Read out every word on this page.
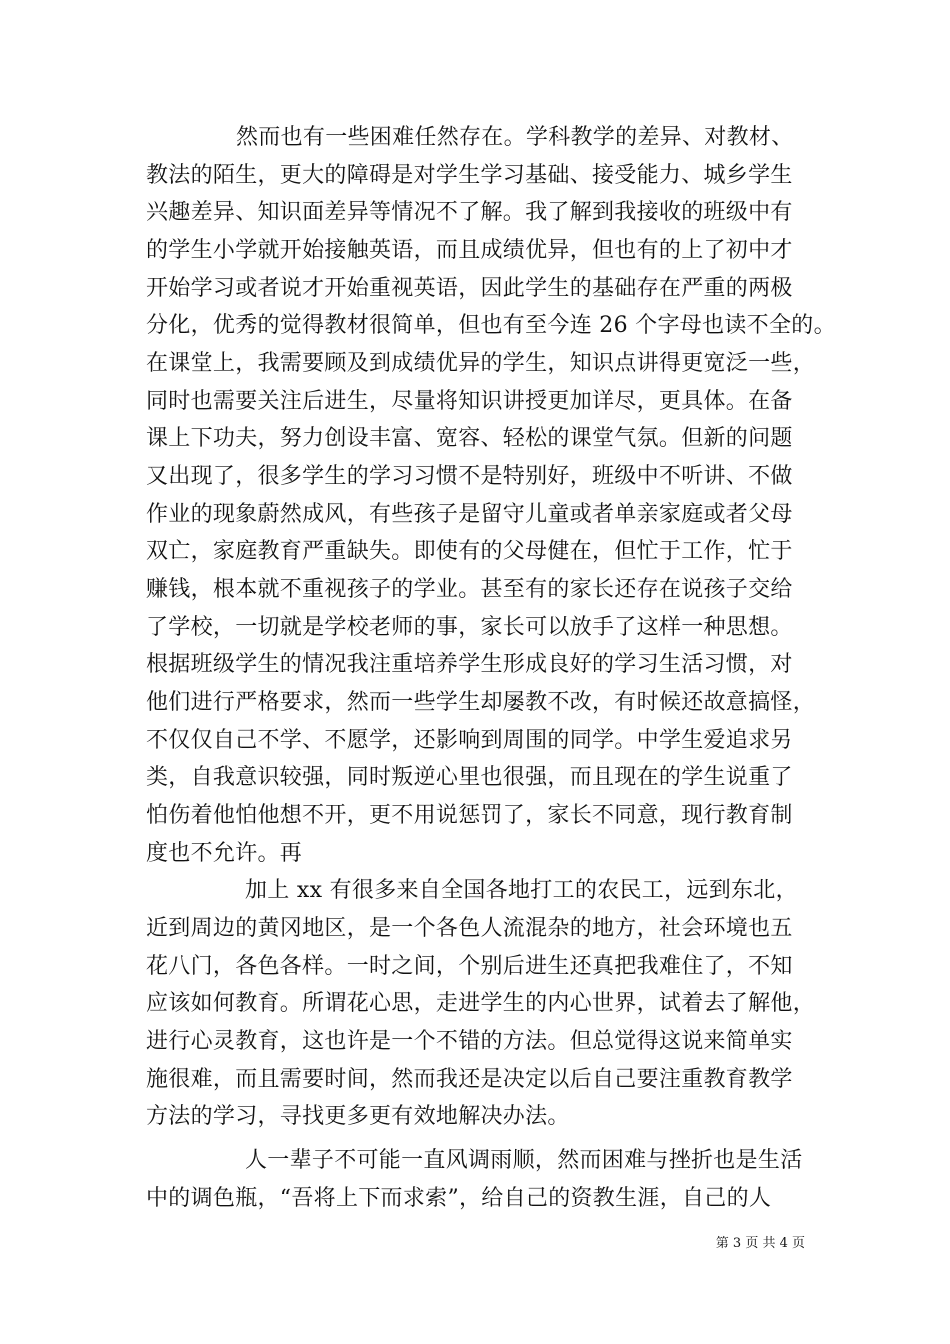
然而也有一些困难任然存在。学科教学的差异、对教材、
教法的陌生，更大的障碍是对学生学习基础、接受能力、城乡学生
兴趣差异、知识面差异等情况不了解。我了解到我接收的班级中有
的学生小学就开始接触英语，而且成绩优异，但也有的上了初中才
开始学习或者说才开始重视英语，因此学生的基础存在严重的两极
分化，优秀的觉得教材很简单，但也有至今连 26 个字母也读不全的。
在课堂上，我需要顾及到成绩优异的学生，知识点讲得更宽泛一些，
同时也需要关注后进生，尽量将知识讲授更加详尽，更具体。在备
课上下功夫，努力创设丰富、宽容、轻松的课堂气氛。但新的问题
又出现了，很多学生的学习习惯不是特别好，班级中不听讲、不做
作业的现象蔚然成风，有些孩子是留守儿童或者单亲家庭或者父母
双亡，家庭教育严重缺失。即使有的父母健在，但忙于工作，忙于
赚钱，根本就不重视孩子的学业。甚至有的家长还存在说孩子交给
了学校，一切就是学校老师的事，家长可以放手了这样一种思想。
根据班级学生的情况我注重培养学生形成良好的学习生活习惯，对
他们进行严格要求，然而一些学生却屡教不改，有时候还故意搞怪，
不仅仅自己不学、不愿学，还影响到周围的同学。中学生爱追求另
类，自我意识较强，同时叛逆心里也很强，而且现在的学生说重了
怕伤着他怕他想不开，更不用说惩罚了，家长不同意，现行教育制
度也不允许。再
加上 xx 有很多来自全国各地打工的农民工，远到东北，
近到周边的黄冈地区，是一个各色人流混杂的地方，社会环境也五
花八门，各色各样。一时之间，个别后进生还真把我难住了，不知
应该如何教育。所谓花心思，走进学生的内心世界，试着去了解他，
进行心灵教育，这也许是一个不错的方法。但总觉得这说来简单实
施很难，而且需要时间，然而我还是决定以后自己要注重教育教学
方法的学习，寻找更多更有效地解决办法。
人一辈子不可能一直风调雨顺，然而困难与挫折也是生活
中的调色瓶，“吾将上下而求索”，给自己的资教生涯，自己的人
第 3 页 共 4 页
